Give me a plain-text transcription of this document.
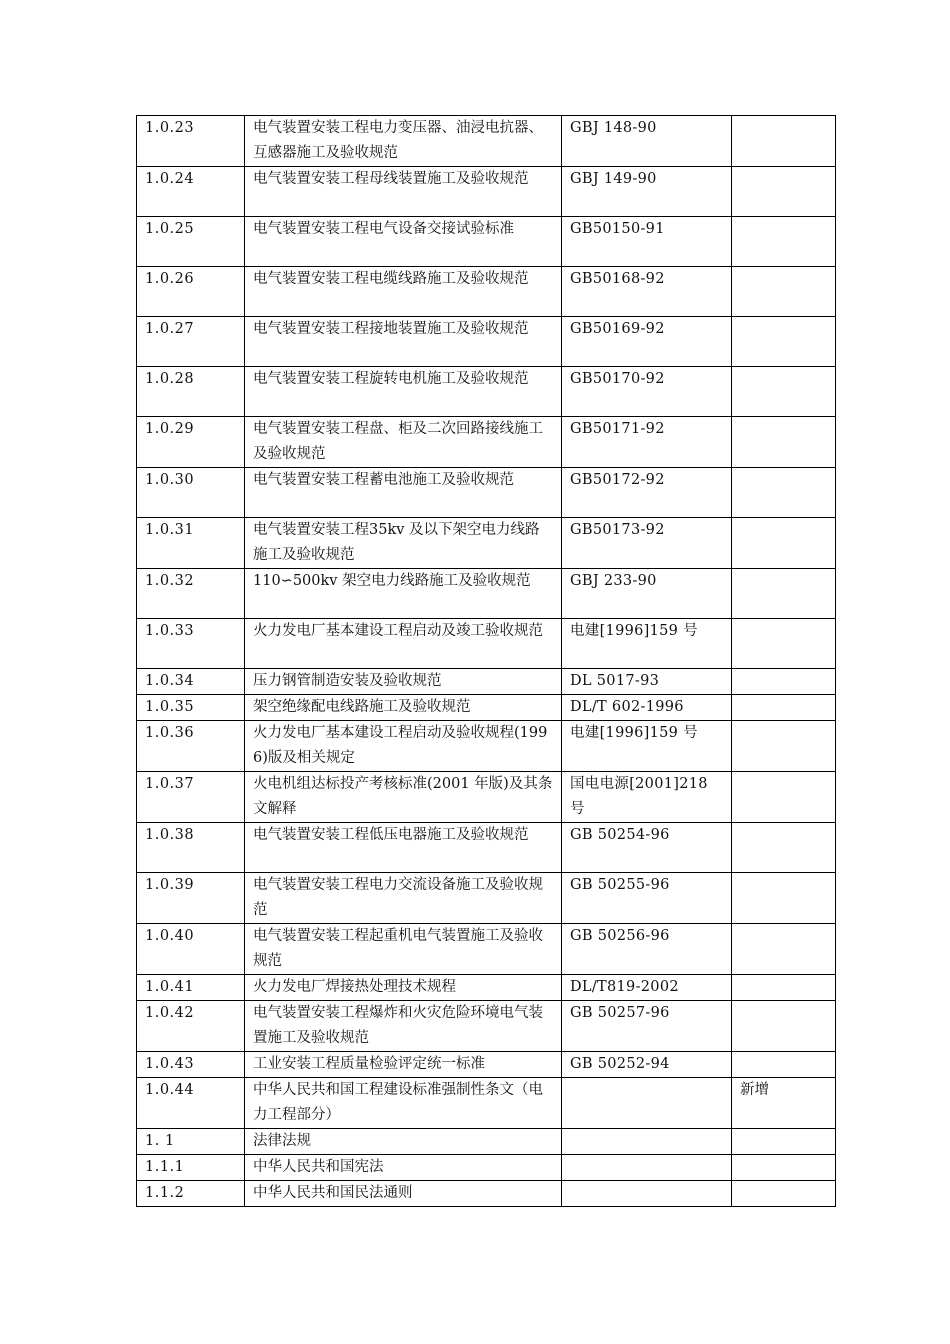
1.0.23	电气装置安装工程电力变压器、油浸电抗器、互感器施工及验收规范	GBJ 148-90	
1.0.24	电气装置安装工程母线装置施工及验收规范	GBJ 149-90	
1.0.25	电气装置安装工程电气设备交接试验标准	GB50150-91	
1.0.26	电气装置安装工程电缆线路施工及验收规范	GB50168-92	
1.0.27	电气装置安装工程接地装置施工及验收规范	GB50169-92	
1.0.28	电气装置安装工程旋转电机施工及验收规范	GB50170-92	
1.0.29	电气装置安装工程盘、柜及二次回路接线施工及验收规范	GB50171-92	
1.0.30	电气装置安装工程蓄电池施工及验收规范	GB50172-92	
1.0.31	电气装置安装工程35kv 及以下架空电力线路施工及验收规范	GB50173-92	
1.0.32	110∽500kv 架空电力线路施工及验收规范	GBJ 233-90	
1.0.33	火力发电厂基本建设工程启动及竣工验收规范	电建[1996]159 号	
1.0.34	压力钢管制造安装及验收规范	DL 5017-93	
1.0.35	架空绝缘配电线路施工及验收规范	DL/T 602-1996	
1.0.36	火力发电厂基本建设工程启动及验收规程(1996)版及相关规定	电建[1996]159 号	
1.0.37	火电机组达标投产考核标准(2001 年版)及其条文解释	国电电源[2001]218 号	
1.0.38	电气装置安装工程低压电器施工及验收规范	GB 50254-96	
1.0.39	电气装置安装工程电力交流设备施工及验收规范	GB 50255-96	
1.0.40	电气装置安装工程起重机电气装置施工及验收规范	GB 50256-96	
1.0.41	火力发电厂焊接热处理技术规程	DL/T819-2002	
1.0.42	电气装置安装工程爆炸和火灾危险环境电气装置施工及验收规范	GB 50257-96	
1.0.43	工业安装工程质量检验评定统一标准	GB 50252-94	
1.0.44	中华人民共和国工程建设标准强制性条文（电力工程部分）		新增
1. 1	法律法规		
1.1.1	中华人民共和国宪法		
1.1.2	中华人民共和国民法通则		
